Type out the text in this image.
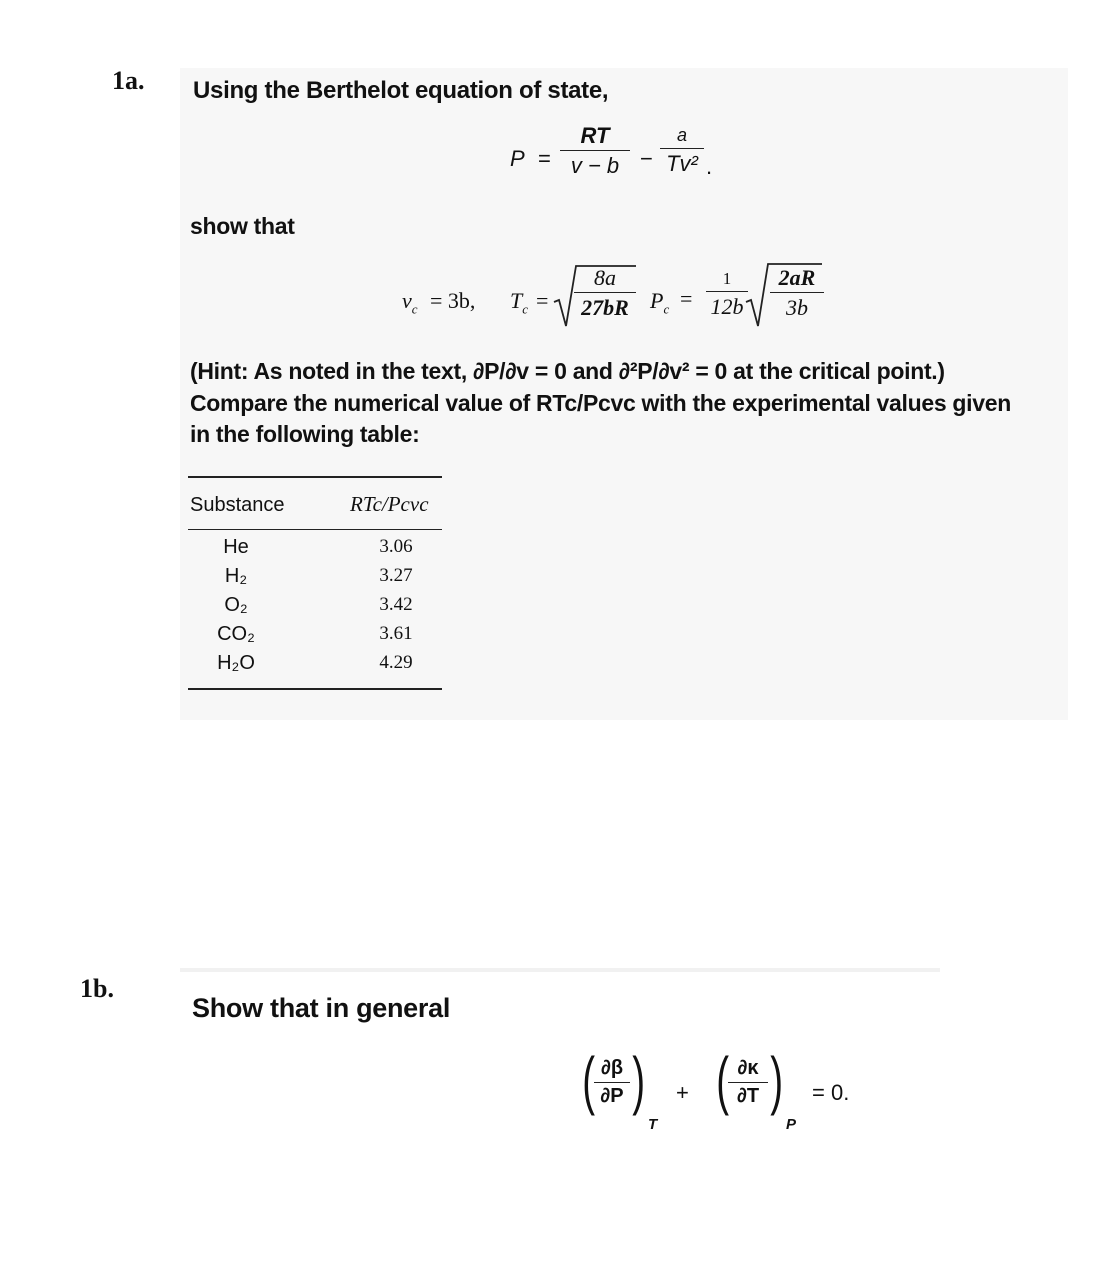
1a. Using the Berthelot equation of state,
P =
RT
v − b −
a
Tv² .
show that
$v_c = 3b$, $T_c$ =
8a
27bR $P_c$ =
1
12b
2aR
3b
(Hint: As noted in the text, ∂P/∂v = 0 and ∂²P/∂v² = 0 at the critical point.)
Compare the numerical value of RTc/Pcvc with the experimental values given
in the following table:
Substance	RTc/Pcvc
He	3.06
H₂	3.27
O₂	3.42
CO₂	3.61
H₂O	4.29
1b.
Show that in general
( ∂β
∂P )
T
+ ( ∂κ
∂T )
P
= 0.
